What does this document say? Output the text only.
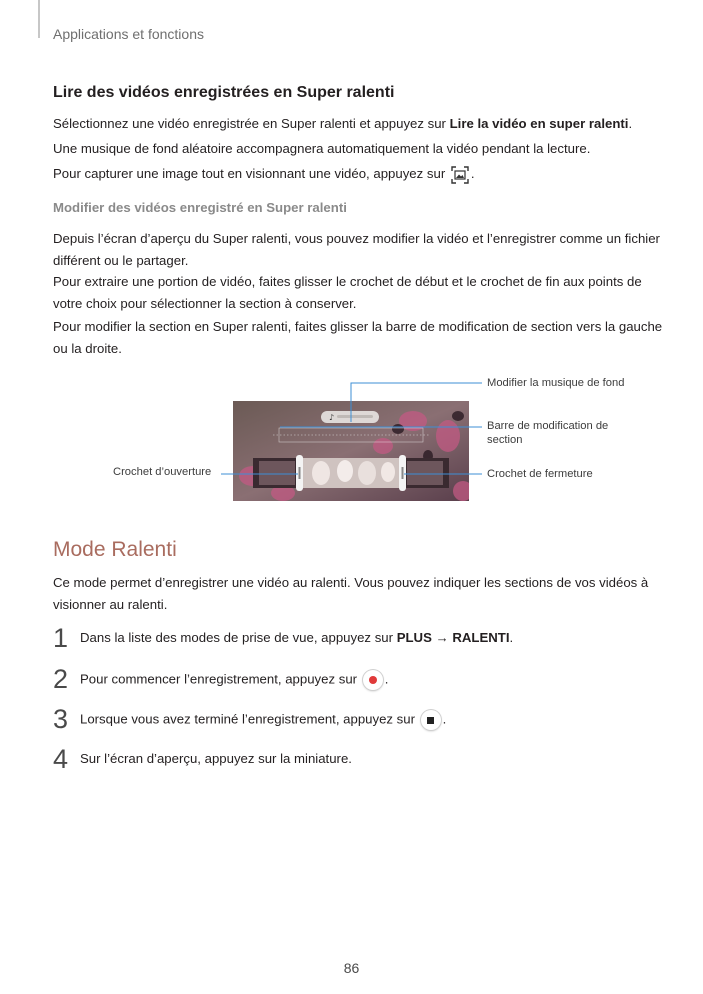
Applications et fonctions
Lire des vidéos enregistrées en Super ralenti
Sélectionnez une vidéo enregistrée en Super ralenti et appuyez sur Lire la vidéo en super ralenti.
Une musique de fond aléatoire accompagnera automatiquement la vidéo pendant la lecture.
Pour capturer une image tout en visionnant une vidéo, appuyez sur .
Modifier des vidéos enregistré en Super ralenti
Depuis l’écran d’aperçu du Super ralenti, vous pouvez modifier la vidéo et l’enregistrer comme un fichier différent ou le partager.
Pour extraire une portion de vidéo, faites glisser le crochet de début et le crochet de fin aux points de votre choix pour sélectionner la section à conserver.
Pour modifier la section en Super ralenti, faites glisser la barre de modification de section vers la gauche ou la droite.
♪
Modifier la musique de fond
Barre de modification de section
Crochet d’ouverture	Crochet de fermeture
Mode Ralenti
Ce mode permet d’enregistrer une vidéo au ralenti. Vous pouvez indiquer les sections de vos vidéos à visionner au ralenti.
1 Dans la liste des modes de prise de vue, appuyez sur PLUS → RALENTI.
2 Pour commencer l’enregistrement, appuyez sur
.
3 Lorsque vous avez terminé l’enregistrement, appuyez sur
.
4 Sur l’écran d’aperçu, appuyez sur la miniature.
86
